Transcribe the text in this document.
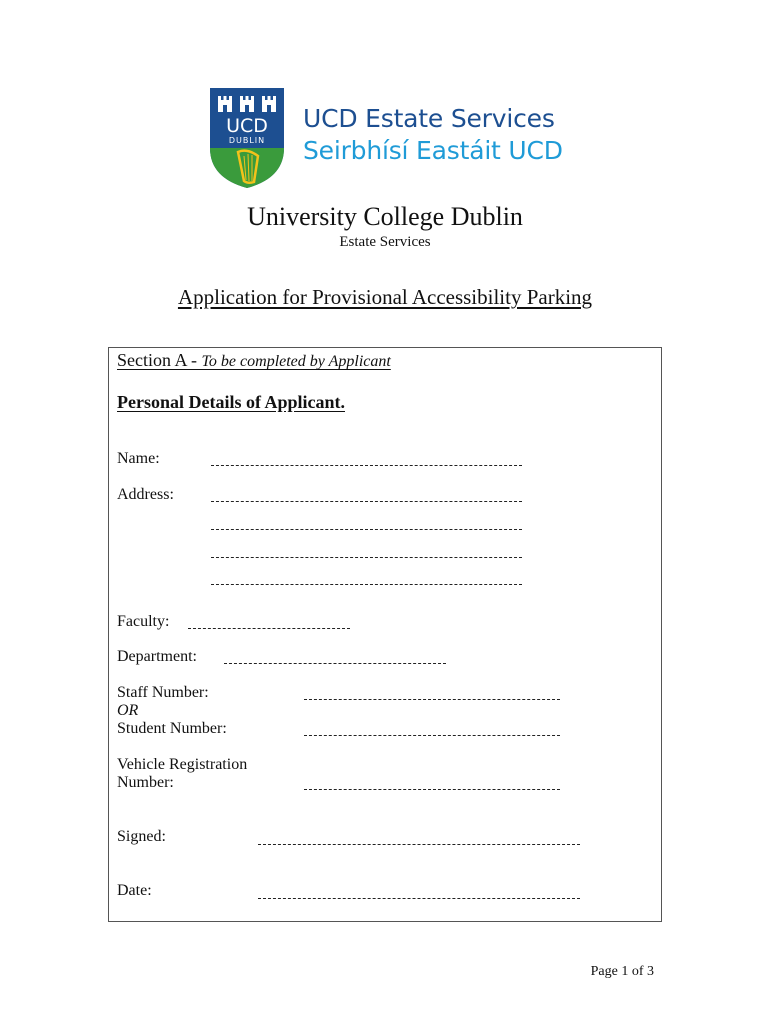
UCD
DUBLIN
UCD Estate Services
Seirbhísí Eastáit UCD
University College Dublin
Estate Services
Application for Provisional Accessibility Parking
Section A - To be completed by Applicant
Personal Details of Applicant.
Name:
Address:
Faculty:
Department:
Staff Number:
OR
Student Number:
Vehicle Registration
Number:
Signed:
Date:
Page 1 of 3
